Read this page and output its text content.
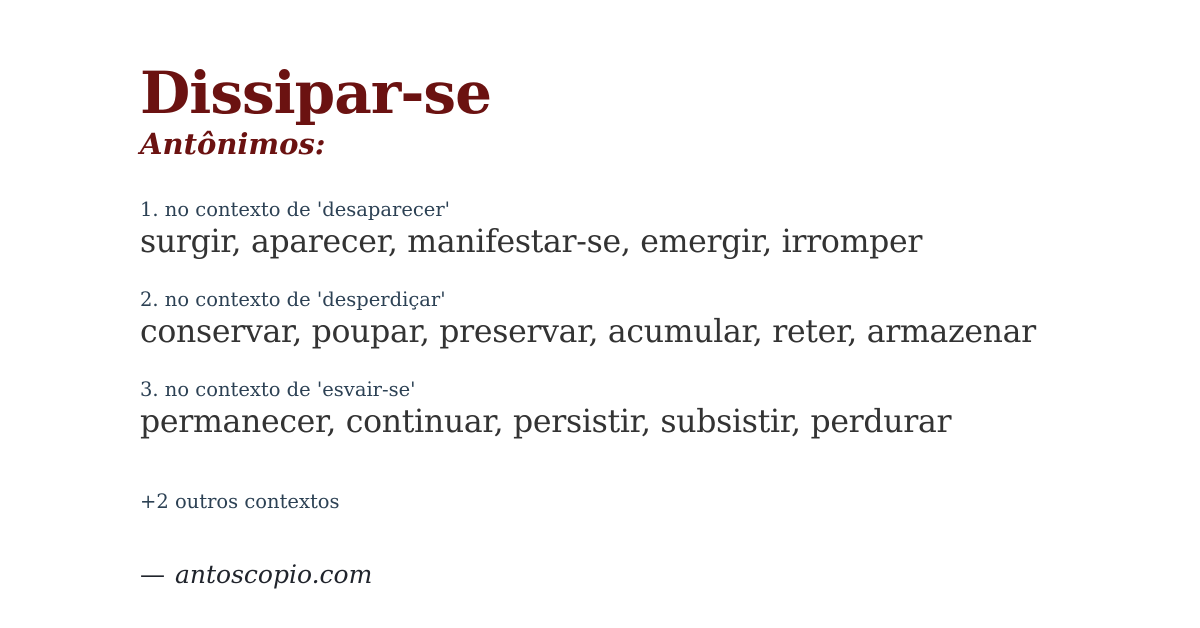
Dissipar-se
Antônimos:
1. no contexto de 'desaparecer'
surgir, aparecer, manifestar-se, emergir, irromper
2. no contexto de 'desperdiçar'
conservar, poupar, preservar, acumular, reter, armazenar
3. no contexto de 'esvair-se'
permanecer, continuar, persistir, subsistir, perdurar
+2 outros contextos
— antoscopio.com
